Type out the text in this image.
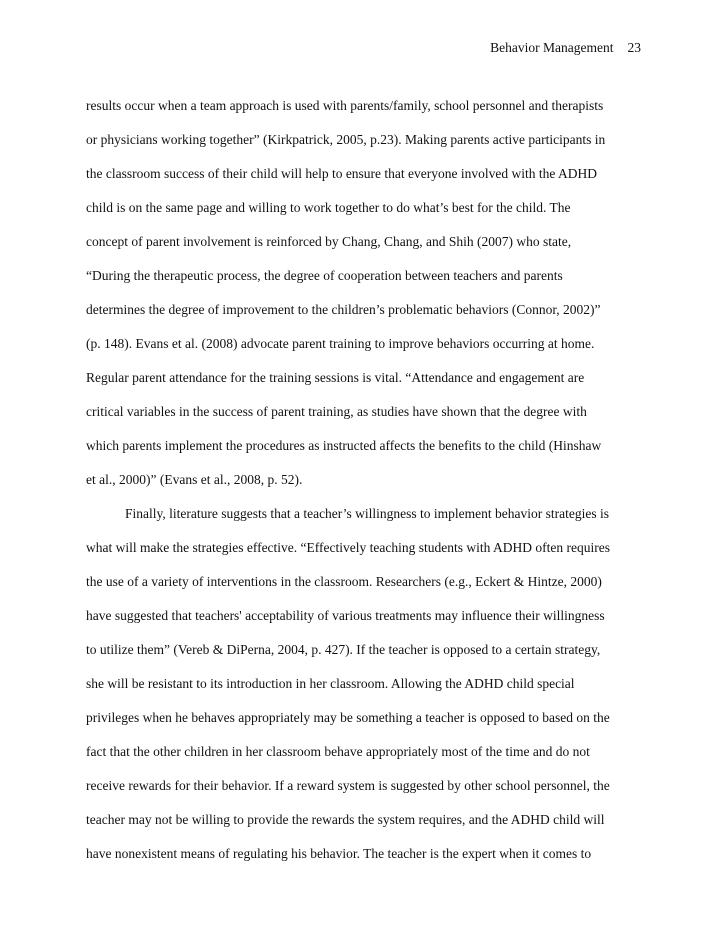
Behavior Management 23
results occur when a team approach is used with parents/family, school personnel and therapists
or physicians working together” (Kirkpatrick, 2005, p.23). Making parents active participants in
the classroom success of their child will help to ensure that everyone involved with the ADHD
child is on the same page and willing to work together to do what’s best for the child. The
concept of parent involvement is reinforced by Chang, Chang, and Shih (2007) who state,
“During the therapeutic process, the degree of cooperation between teachers and parents
determines the degree of improvement to the children’s problematic behaviors (Connor, 2002)”
(p. 148). Evans et al. (2008) advocate parent training to improve behaviors occurring at home.
Regular parent attendance for the training sessions is vital. “Attendance and engagement are
critical variables in the success of parent training, as studies have shown that the degree with
which parents implement the procedures as instructed affects the benefits to the child (Hinshaw
et al., 2000)” (Evans et al., 2008, p. 52).
Finally, literature suggests that a teacher’s willingness to implement behavior strategies is
what will make the strategies effective. “Effectively teaching students with ADHD often requires
the use of a variety of interventions in the classroom. Researchers (e.g., Eckert & Hintze, 2000)
have suggested that teachers' acceptability of various treatments may influence their willingness
to utilize them” (Vereb & DiPerna, 2004, p. 427). If the teacher is opposed to a certain strategy,
she will be resistant to its introduction in her classroom. Allowing the ADHD child special
privileges when he behaves appropriately may be something a teacher is opposed to based on the
fact that the other children in her classroom behave appropriately most of the time and do not
receive rewards for their behavior. If a reward system is suggested by other school personnel, the
teacher may not be willing to provide the rewards the system requires, and the ADHD child will
have nonexistent means of regulating his behavior. The teacher is the expert when it comes to
